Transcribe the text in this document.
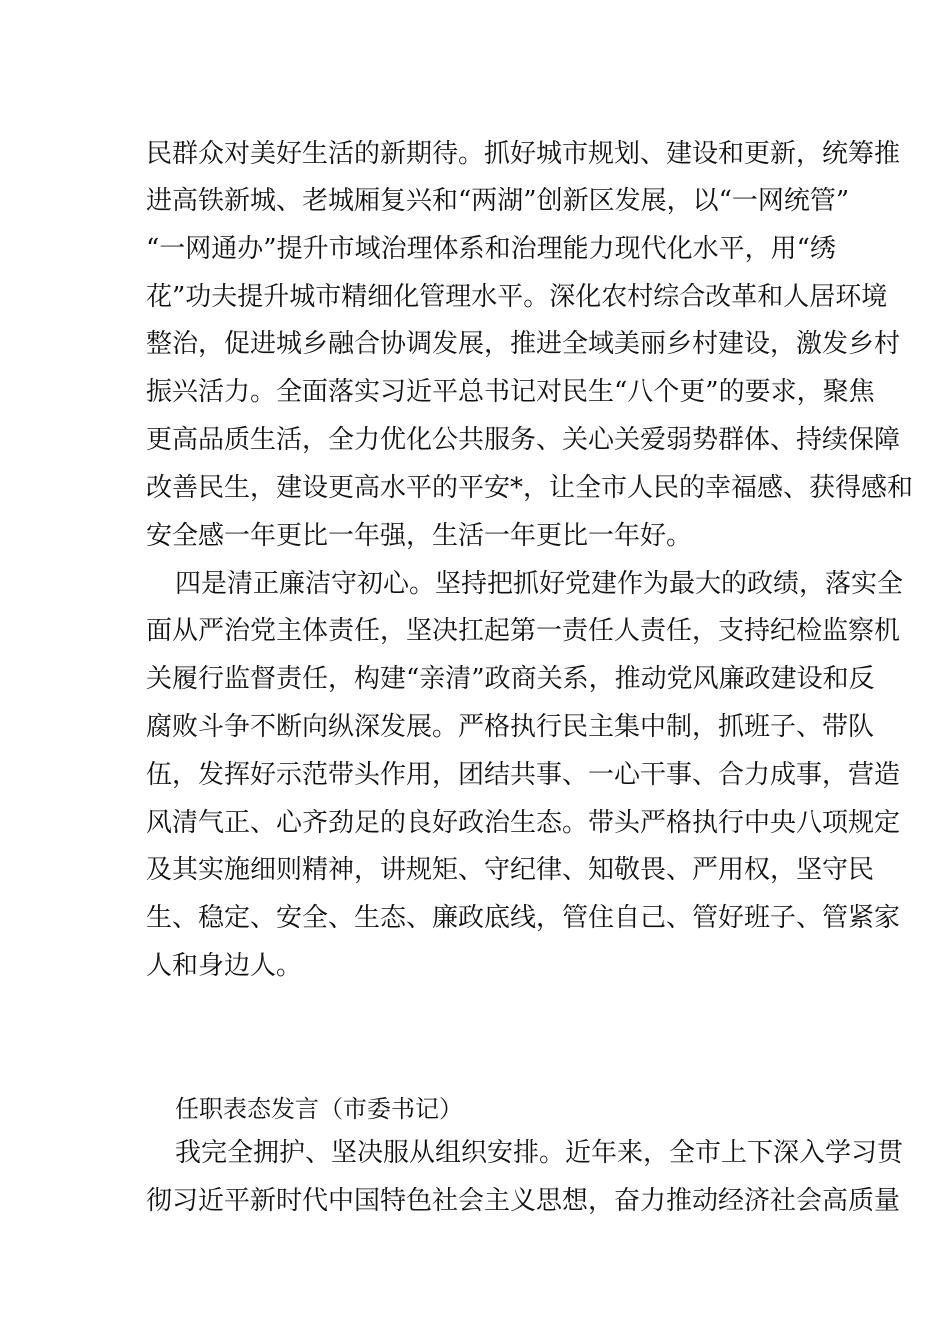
民群众对美好生活的新期待。抓好城市规划、建设和更新，统筹推
进高铁新城、老城厢复兴和“两湖”创新区发展，以“一网统管”
“一网通办”提升市域治理体系和治理能力现代化水平，用“绣
花”功夫提升城市精细化管理水平。深化农村综合改革和人居环境
整治，促进城乡融合协调发展，推进全域美丽乡村建设，激发乡村
振兴活力。全面落实习近平总书记对民生“八个更”的要求，聚焦
更高品质生活，全力优化公共服务、关心关爱弱势群体、持续保障
改善民生，建设更高水平的平安*，让全市人民的幸福感、获得感和
安全感一年更比一年强，生活一年更比一年好。
四是清正廉洁守初心。坚持把抓好党建作为最大的政绩，落实全
面从严治党主体责任，坚决扛起第一责任人责任，支持纪检监察机
关履行监督责任，构建“亲清”政商关系，推动党风廉政建设和反
腐败斗争不断向纵深发展。严格执行民主集中制，抓班子、带队
伍，发挥好示范带头作用，团结共事、一心干事、合力成事，营造
风清气正、心齐劲足的良好政治生态。带头严格执行中央八项规定
及其实施细则精神，讲规矩、守纪律、知敬畏、严用权，坚守民
生、稳定、安全、生态、廉政底线，管住自己、管好班子、管紧家
人和身边人。
任职表态发言（市委书记）
我完全拥护、坚决服从组织安排。近年来，全市上下深入学习贯
彻习近平新时代中国特色社会主义思想，奋力推动经济社会高质量
